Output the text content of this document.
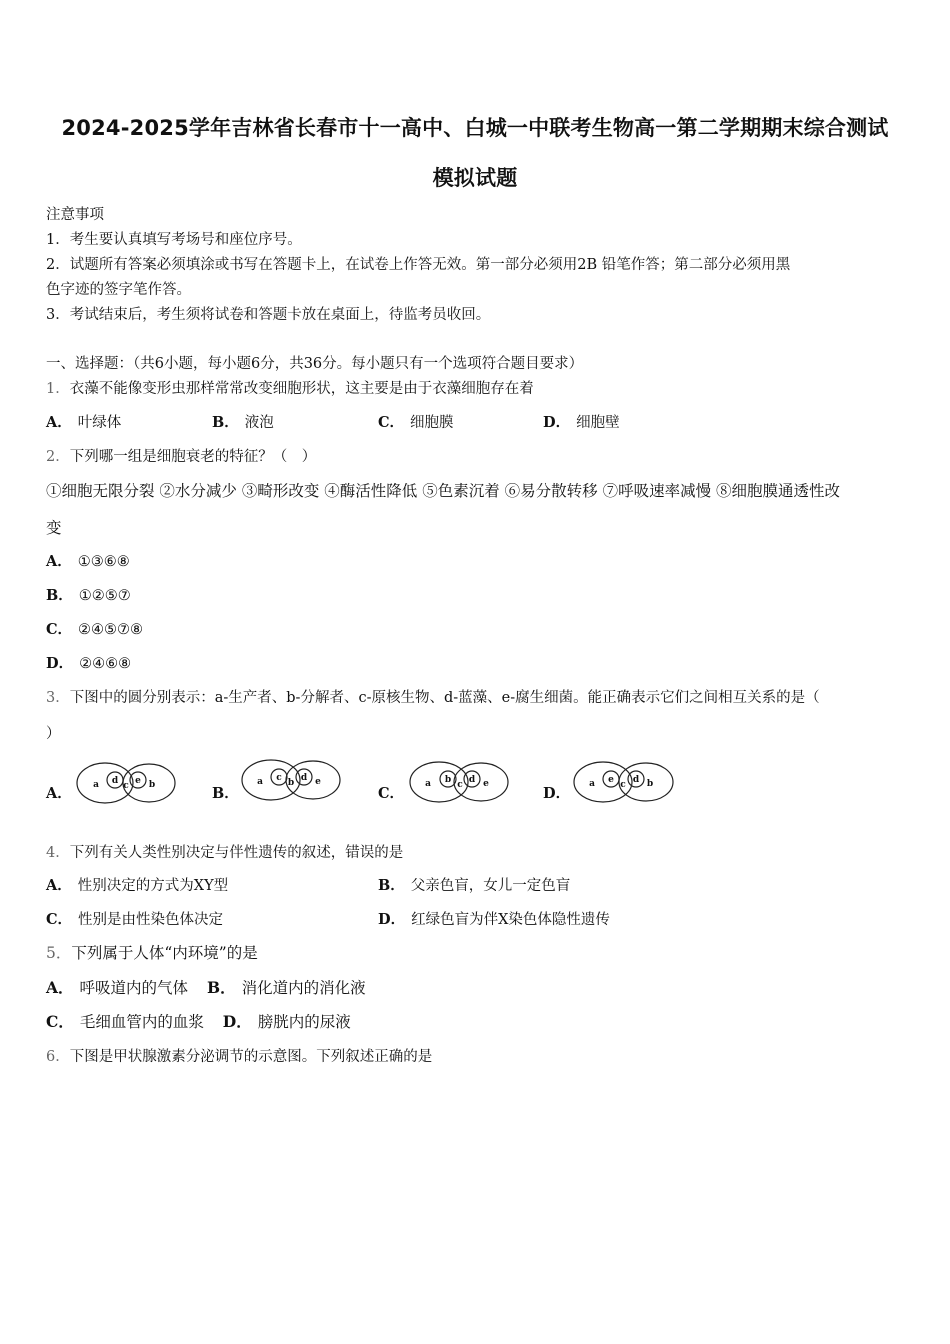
2024-2025学年吉林省长春市十一高中、白城一中联考生物高一第二学期期末综合测试
模拟试题
注意事项
1．考生要认真填写考场号和座位序号。
2．试题所有答案必须填涂或书写在答题卡上，在试卷上作答无效。第一部分必须用2B 铅笔作答；第二部分必须用黑
色字迹的签字笔作答。
3．考试结束后，考生须将试卷和答题卡放在桌面上，待监考员收回。
一、选择题：（共6小题，每小题6分，共36分。每小题只有一个选项符合题目要求）
1．衣藻不能像变形虫那样常常改变细胞形状，这主要是由于衣藻细胞存在着
A． 叶绿体	B． 液泡	C． 细胞膜	D． 细胞壁
2．下列哪一组是细胞衰老的特征？（　）
①细胞无限分裂 ②水分减少 ③畸形改变 ④酶活性降低 ⑤色素沉着 ⑥易分散转移 ⑦呼吸速率减慢 ⑧细胞膜通透性改
变
A． ①③⑥⑧
B． ①②⑤⑦
C． ②④⑤⑦⑧
D． ②④⑥⑧
3．下图中的圆分别表示：a-生产者、b-分解者、c-原核生物、d-蓝藻、e-腐生细菌。能正确表示它们之间相互关系的是（
）
A．	a d c e b	B．
a c b d e
C．
a b c d e
D．
a e c d b
4．下列有关人类性别决定与伴性遗传的叙述，错误的是
A． 性别决定的方式为XY型	B． 父亲色盲，女儿一定色盲
C． 性别是由性染色体决定	D． 红绿色盲为伴X染色体隐性遗传
5．下列属于人体“内环境”的是
A． 呼吸道内的气体 B． 消化道内的消化液
C． 毛细血管内的血浆 D． 膀胱内的尿液
6．下图是甲状腺激素分泌调节的示意图。下列叙述正确的是
